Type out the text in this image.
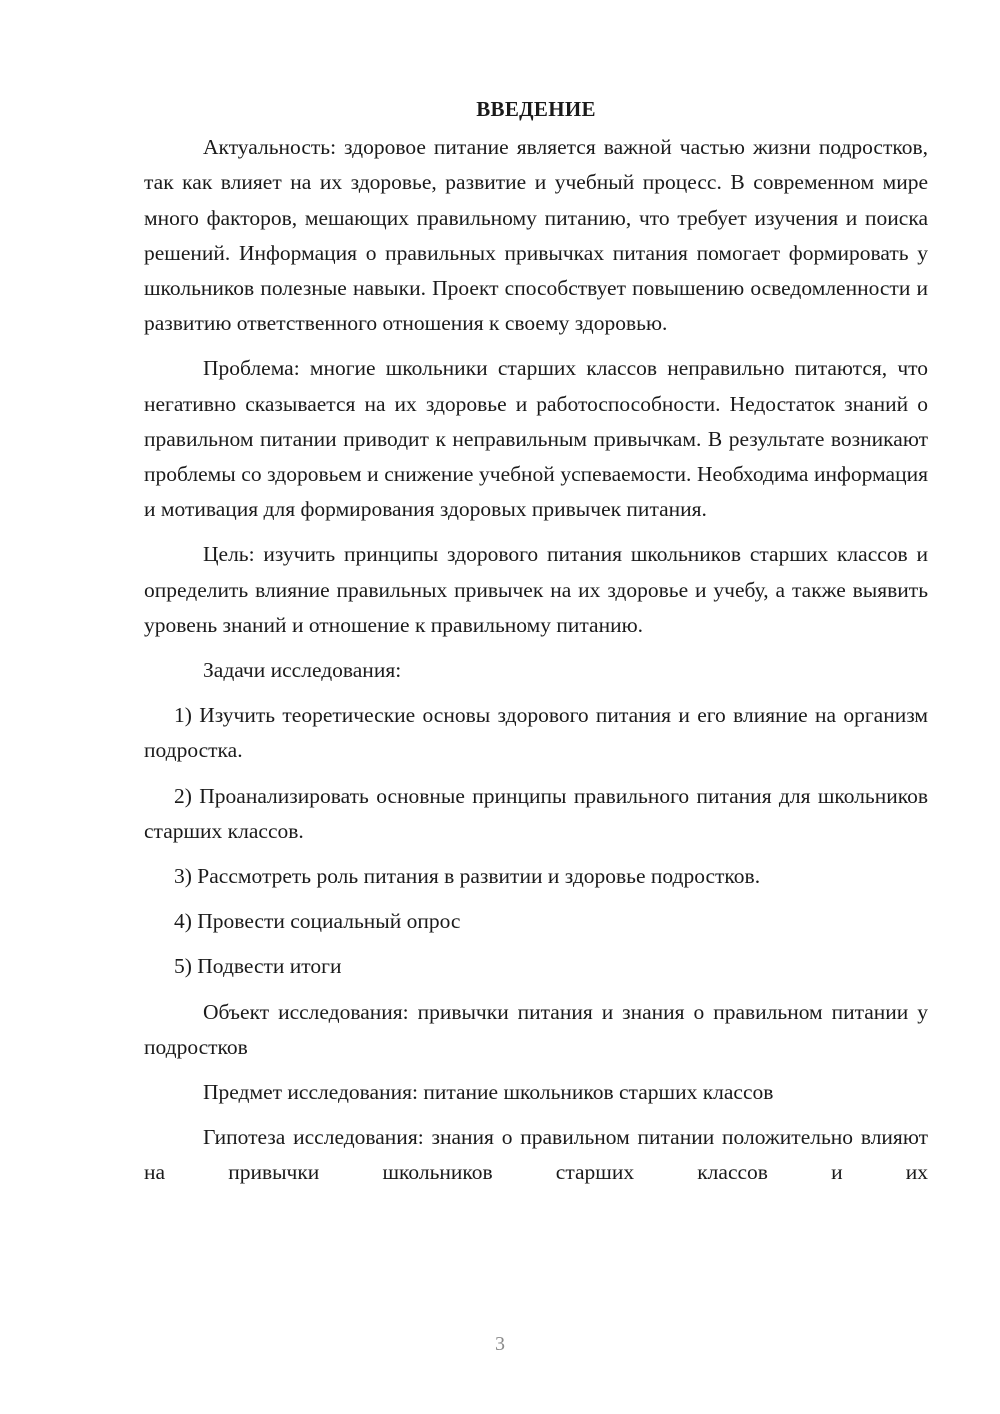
ВВЕДЕНИЕ

Актуальность: здоровое питание является важной частью жизни подростков, так как влияет на их здоровье, развитие и учебный процесс. В современном мире много факторов, мешающих правильному питанию, что требует изучения и поиска решений. Информация о правильных привычках питания помогает формировать у школьников полезные навыки. Проект способствует повышению осведомленности и развитию ответственного отношения к своему здоровью.

Проблема: многие школьники старших классов неправильно питаются, что негативно сказывается на их здоровье и работоспособности. Недостаток знаний о правильном питании приводит к неправильным привычкам. В результате возникают проблемы со здоровьем и снижение учебной успеваемости. Необходима информация и мотивация для формирования здоровых привычек питания.

Цель: изучить принципы здорового питания школьников старших классов и определить влияние правильных привычек на их здоровье и учебу, а также выявить уровень знаний и отношение к правильному питанию.

Задачи исследования:

1) Изучить теоретические основы здорового питания и его влияние на организм подростка.

2) Проанализировать основные принципы правильного питания для школьников старших классов.

3) Рассмотреть роль питания в развитии и здоровье подростков.

4) Провести социальный опрос

5) Подвести итоги

Объект исследования: привычки питания и знания о правильном питании у подростков

Предмет исследования: питание школьников старших классов

Гипотеза исследования: знания о правильном питании положительно влияют на привычки школьников старших классов и их

3
